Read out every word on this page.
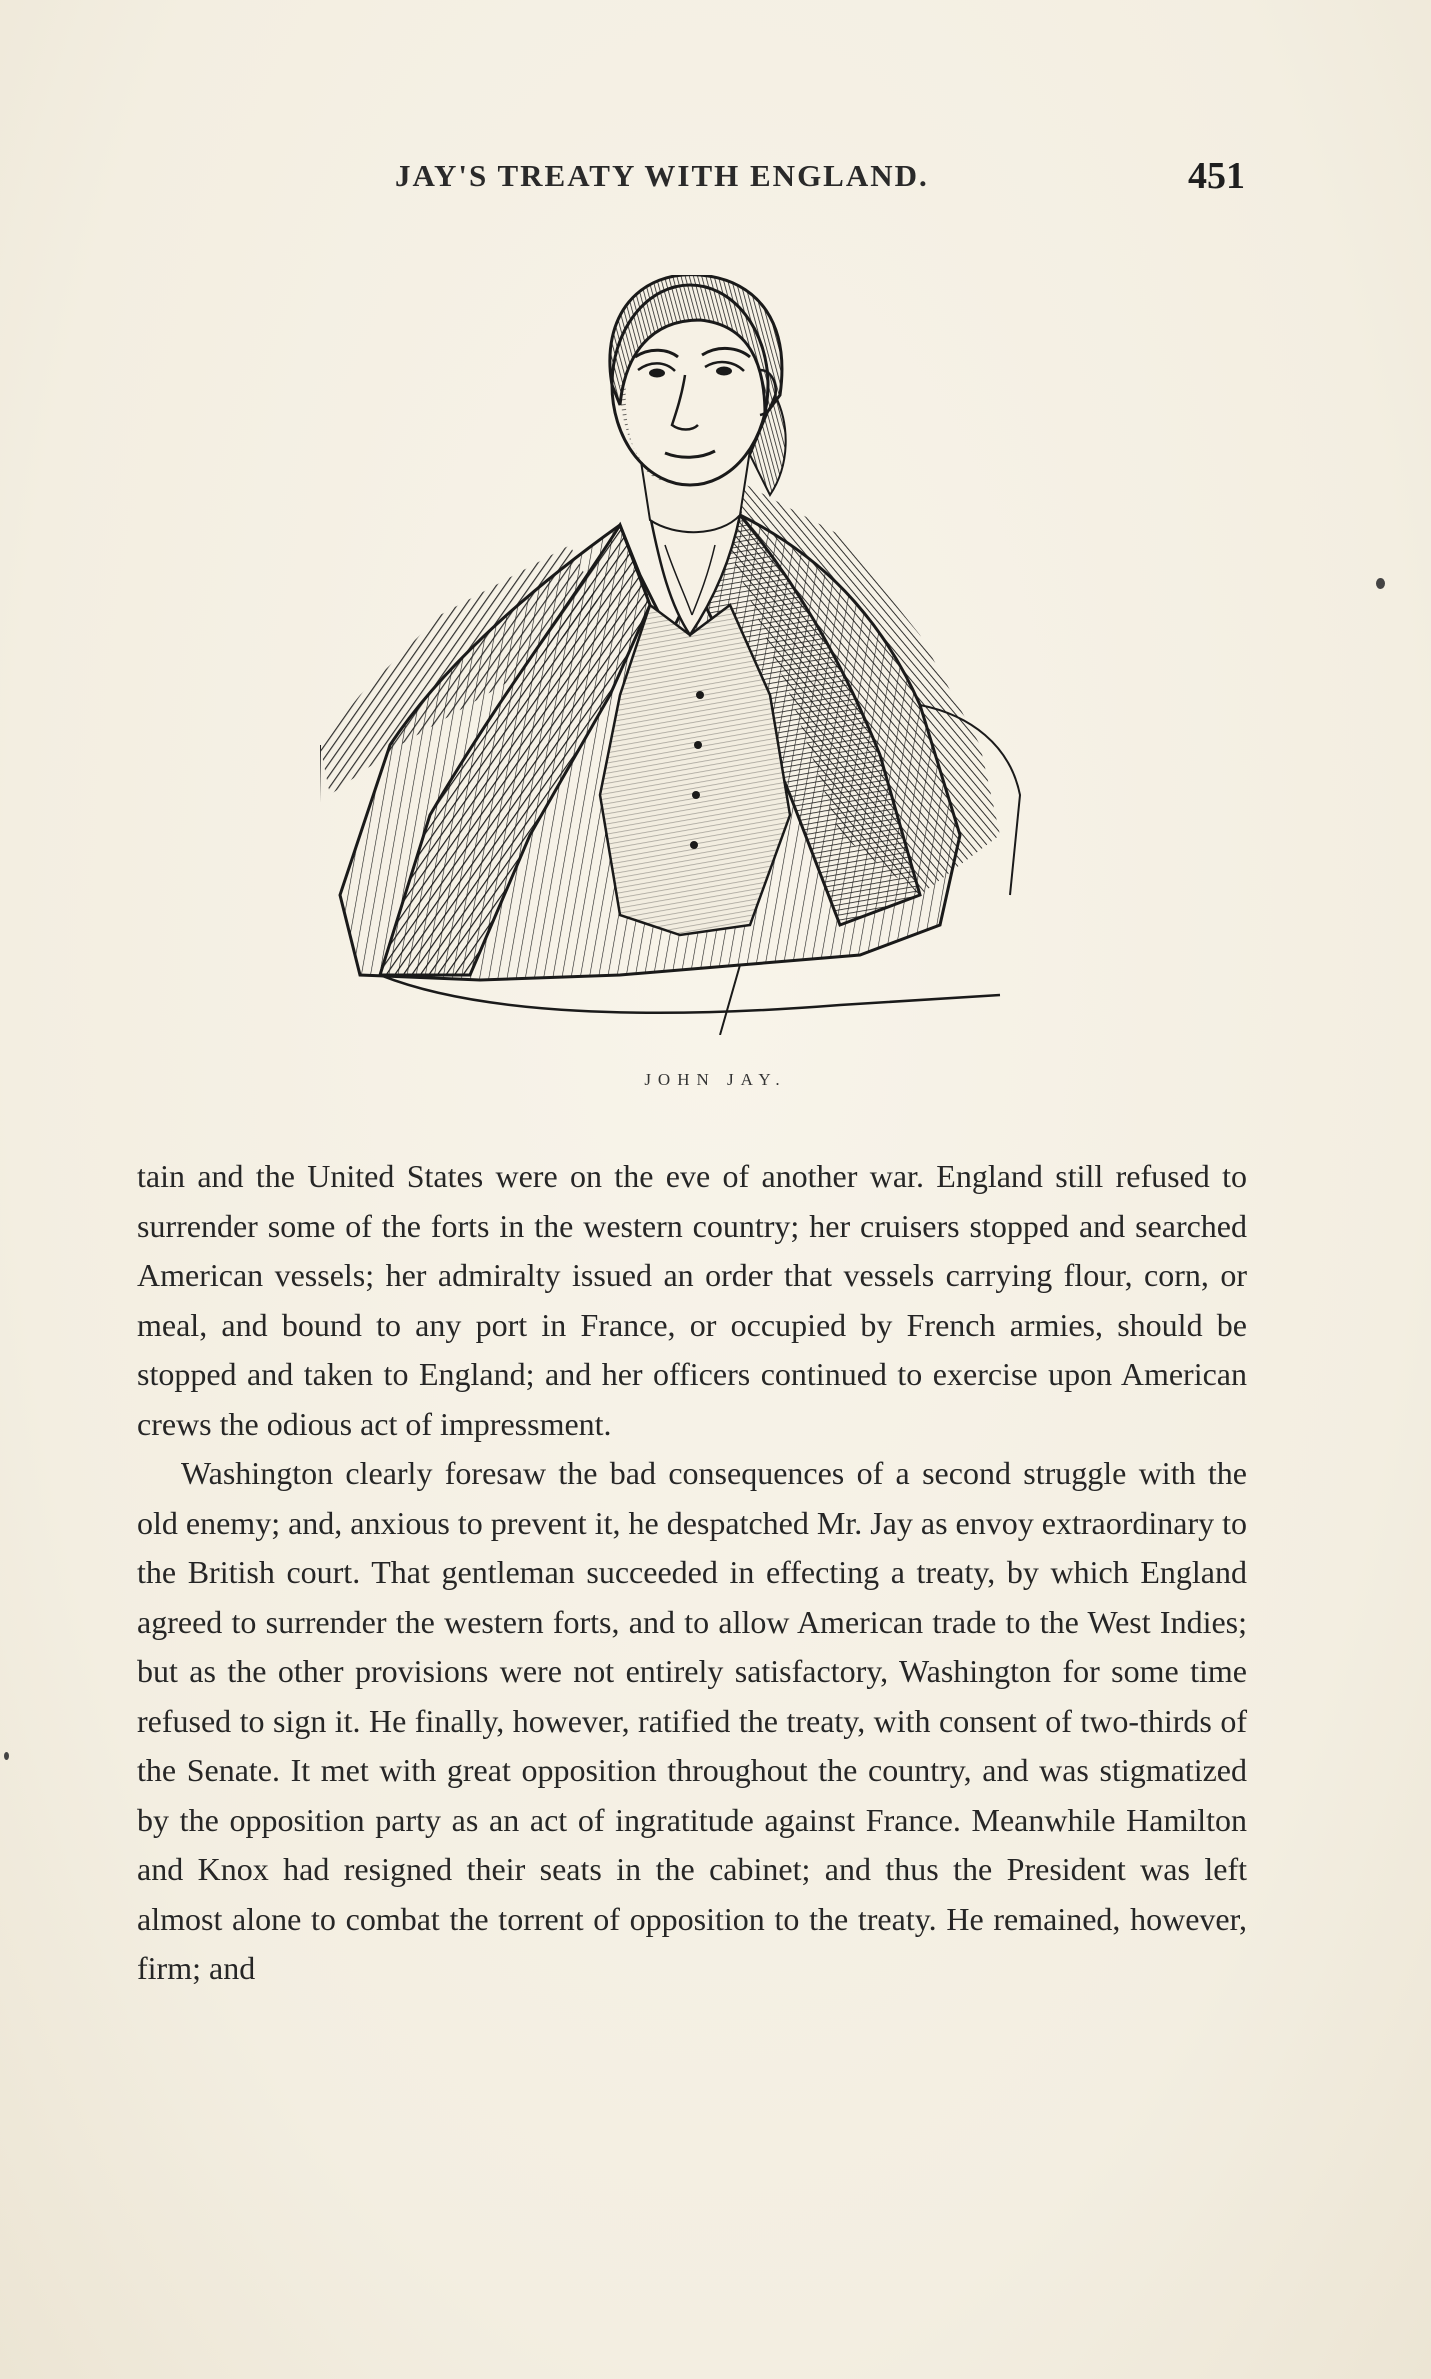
JAY'S TREATY WITH ENGLAND.	451
JOHN JAY.

tain and the United States were on the eve of another war. England still refused to surrender some of the forts in the western country; her cruisers stopped and searched American vessels; her admiralty issued an order that vessels carrying flour, corn, or meal, and bound to any port in France, or occupied by French armies, should be stopped and taken to England; and her officers continued to exercise upon American crews the odious act of impressment.

Washington clearly foresaw the bad consequences of a second struggle with the old enemy; and, anxious to prevent it, he despatched Mr. Jay as envoy extraordinary to the British court. That gentleman succeeded in effecting a treaty, by which England agreed to surrender the western forts, and to allow American trade to the West Indies; but as the other provisions were not entirely satisfactory, Washington for some time refused to sign it. He finally, however, ratified the treaty, with consent of two-thirds of the Senate. It met with great opposition throughout the country, and was stigmatized by the opposition party as an act of ingratitude against France. Meanwhile Hamilton and Knox had resigned their seats in the cabinet; and thus the President was left almost alone to combat the torrent of opposition to the treaty. He remained, however, firm; and
